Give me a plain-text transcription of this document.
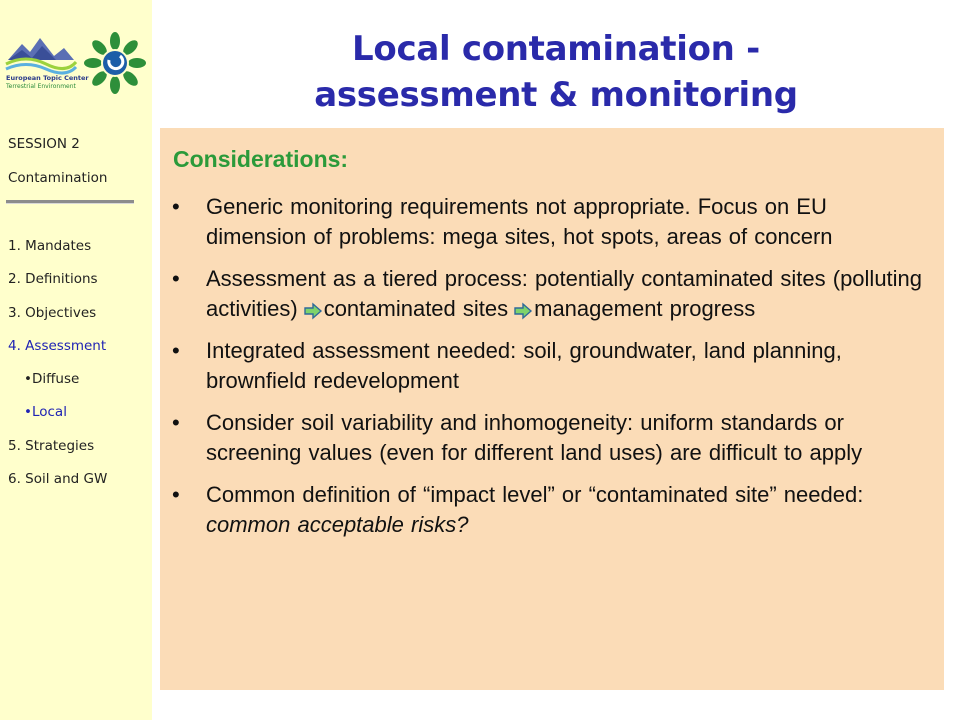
European Topic Center
Terrestrial Environment
SESSION 2
Contamination
1. Mandates
2. Definitions
3. Objectives
4. Assessment
•Diffuse
•Local
5. Strategies
6. Soil and GW
Local contamination -
assessment & monitoring
Considerations:
• Generic monitoring requirements not appropriate. Focus on EU dimension of problems: mega sites, hot spots, areas of concern
• Assessment as a tiered process: potentially contaminated sites (polluting activities) contaminated sites management progress
• Integrated assessment needed: soil, groundwater, land planning, brownfield redevelopment
• Consider soil variability and inhomogeneity: uniform standards or screening values (even for different land uses) are difficult to apply
• Common definition of “impact level” or “contaminated site” needed: common acceptable risks?
